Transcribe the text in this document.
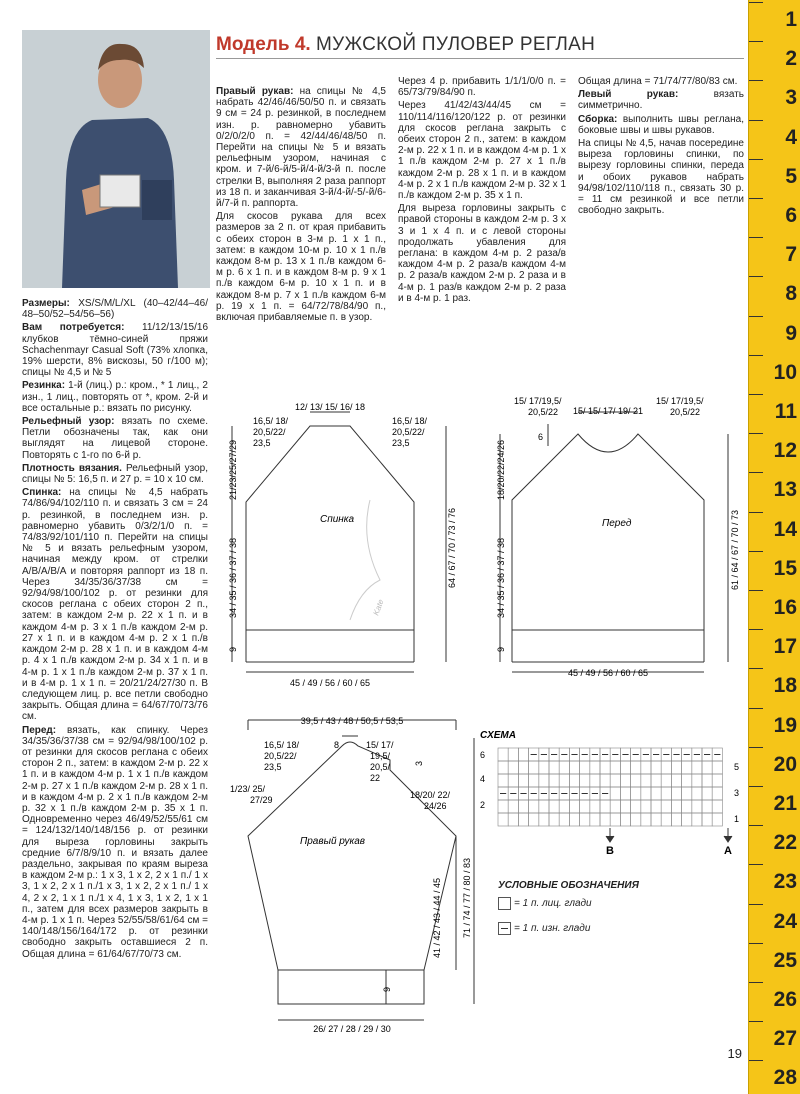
Модель 4. МУЖСКОЙ ПУЛОВЕР РЕГЛАН

Размеры: XS/S/M/L/XL (40–42/44–46/ 48–50/52–54/56–56)

Вам потребуется: 11/12/13/15/16 клубков тёмно-синей пряжи Schachenmayr Casual Soft (73% хлопка, 19% шерсти, 8% вискозы, 50 г/100 м); спицы № 4,5 и № 5

Резинка: 1-й (лиц.) р.: кром., * 1 лиц., 2 изн., 1 лиц., повторять от *, кром. 2-й и все остальные р.: вязать по рисунку.

Рельефный узор: вязать по схеме. Петли обозначены так, как они выглядят на лицевой стороне. Повторять с 1-го по 6-й р.

Плотность вязания. Рельефный узор, спицы № 5: 16,5 п. и 27 р. = 10 х 10 см.

Спинка: на спицы № 4,5 набрать 74/86/94/102/110 п. и связать 3 см = 24 р. резинкой, в последнем изн. р. равномерно убавить 0/3/2/1/0 п. = 74/83/92/101/110 п. Перейти на спицы № 5 и вязать рельефным узором, начиная между кром. от стрелки A/B/A/B/A и повторяя раппорт из 18 п. Через 34/35/36/37/38 см = 92/94/98/100/102 р. от резинки для скосов реглана с обеих сторон 2 п., затем: в каждом 2-м р. 22 х 1 п. и в каждом 4-м р. 3 х 1 п./в каждом 2-м р. 27 х 1 п. и в каждом 4-м р. 2 х 1 п./в каждом 2-м р. 28 х 1 п. и в каждом 4-м р. 4 х 1 п./в каждом 2-м р. 34 х 1 п. и в 4-м р. 1 х 1 п./в каждом 2-м р. 37 х 1 п. и в 4-м р. 1 х 1 п. = 20/21/24/27/30 п. В следующем лиц. р. все петли свободно закрыть. Общая длина = 64/67/70/73/76 см.

Перед: вязать, как спинку. Через 34/35/36/37/38 см = 92/94/98/100/102 р. от резинки для скосов реглана с обеих сторон 2 п., затем: в каждом 2-м р. 22 х 1 п. и в каждом 4-м р. 1 х 1 п./в каждом 2-м р. 27 х 1 п./в каждом 2-м р. 28 х 1 п. и в каждом 4-м р. 2 х 1 п./в каждом 2-м р. 32 х 1 п./в каждом 2-м р. 35 х 1 п. Одновременно через 46/49/52/55/61 см = 124/132/140/148/156 р. от резинки для выреза горловины закрыть средние 6/7/8/9/10 п. и вязать далее раздельно, закрывая по краям выреза в каждом 2-м р.: 1 х 3, 1 х 2, 2 х 1 п./ 1 х 3, 1 х 2, 2 х 1 п./1 х 3, 1 х 2, 2 х 1 п./ 1 х 4, 2 х 2, 1 х 1 п./1 х 4, 1 х 3, 1 х 2, 1 х 1 п., затем для всех размеров закрыть в 4-м р. 1 х 1 п. Через 52/55/58/61/64 см = 140/148/156/164/172 р. от резинки свободно закрыть оставшиеся 2 п. Общая длина = 61/64/67/70/73 см.

Правый рукав: на спицы № 4,5 набрать 42/46/46/50/50 п. и связать 9 см = 24 р. резинкой, в последнем изн. р. равномерно убавить 0/2/0/2/0 п. = 42/44/46/48/50 п. Перейти на спицы № 5 и вязать рельефным узором, начиная с кром. и 7-й/6-й/5-й/4-й/3-й п. после стрелки B, выполняя 2 раза раппорт из 18 п. и заканчивая 3-й/4-й/-5/-й/6-й/7-й п. раппорта.

Для скосов рукава для всех размеров за 2 п. от края прибавить с обеих сторон в 3-м р. 1 х 1 п., затем: в каждом 10-м р. 10 х 1 п./в каждом 8-м р. 13 х 1 п./в каждом 6-м р. 6 х 1 п. и в каждом 8-м р. 9 х 1 п./в каждом 6-м р. 10 х 1 п. и в каждом 8-м р. 7 х 1 п./в каждом 6-м р. 19 х 1 п. = 64/72/78/84/90 п., включая прибавляемые п. в узор.

Через 4 р. прибавить 1/1/1/0/0 п. = 65/73/79/84/90 п.

Через 41/42/43/44/45 см = 110/114/116/120/122 р. от резинки для скосов реглана закрыть с обеих сторон 2 п., затем: в каждом 2-м р. 22 х 1 п. и в каждом 4-м р. 1 х 1 п./в каждом 2-м р. 27 х 1 п./в каждом 2-м р. 28 х 1 п. и в каждом 4-м р. 2 х 1 п./в каждом 2-м р. 32 х 1 п./в каждом 2-м р. 35 х 1 п.

Для выреза горловины закрыть с правой стороны в каждом 2-м р. 3 х 3 и 1 х 4 п. и с левой стороны продолжать убавления для реглана: в каждом 4-м р. 2 раза/в каждом 4-м р. 2 раза/в каждом 4-м р. 2 раза/в каждом 2-м р. 2 раза и в 4-м р. 1 раз/в каждом 2-м р. 2 раза и в 4-м р. 1 раз.

Общая длина = 71/74/77/80/83 см.

Левый рукав: вязать симметрично.

Сборка: выполнить швы реглана, боковые швы и швы рукавов.

На спицы № 4,5, начав посередине выреза горловины спинки, по вырезу горловины спинки, переда и обоих рукавов набрать 94/98/102/110/118 п., связать 30 р. = 11 см резинкой и все петли свободно закрыть.

12/ 13/ 15/ 16/ 18
16,5/ 18/ 20,5/22/ 23,5
16,5/ 18/ 20,5/22/ 23,5
Спинка
21/23/25/27/29
34 / 35 / 36 / 37 / 38
9
64 / 67 / 70 / 73 / 76
45 / 49 / 56 / 60 / 65
Kate
15/ 17/19,5/ 20,5/22	15/ 15/ 17/ 19/ 21
15/ 17/19,5/ 20,5/22
6
Перед
18/20/22/24/26
34 / 35 / 36 / 37 / 38
9
61 / 64 / 67 / 70 / 73
45 / 49 / 56 / 60 / 65
39,5 / 43 / 48 / 50,5 / 53,5
16,5/ 18/ 20,5/22/ 23,5
8	15/ 17/ 19,5/ 20,5/ 22
3
1/23/ 25/ 27/29	18/20/ 22/ 24/26
Правый рукав
41 / 42 / 43 / 44 / 45 71 / 74 / 77 / 80 / 83
9
26/ 27 / 28 / 29 / 30
СХЕМА
6
4
2
5
3
1
B	A
УСЛОВНЫЕ ОБОЗНАЧЕНИЯ
= 1 п. лиц. глади
= 1 п. изн. глади
1
2
3
4
5
6
7
8
9
10
11
12
13
14
15
16
17
18
19
20
21
22
23
24
25
26
27
28
19
